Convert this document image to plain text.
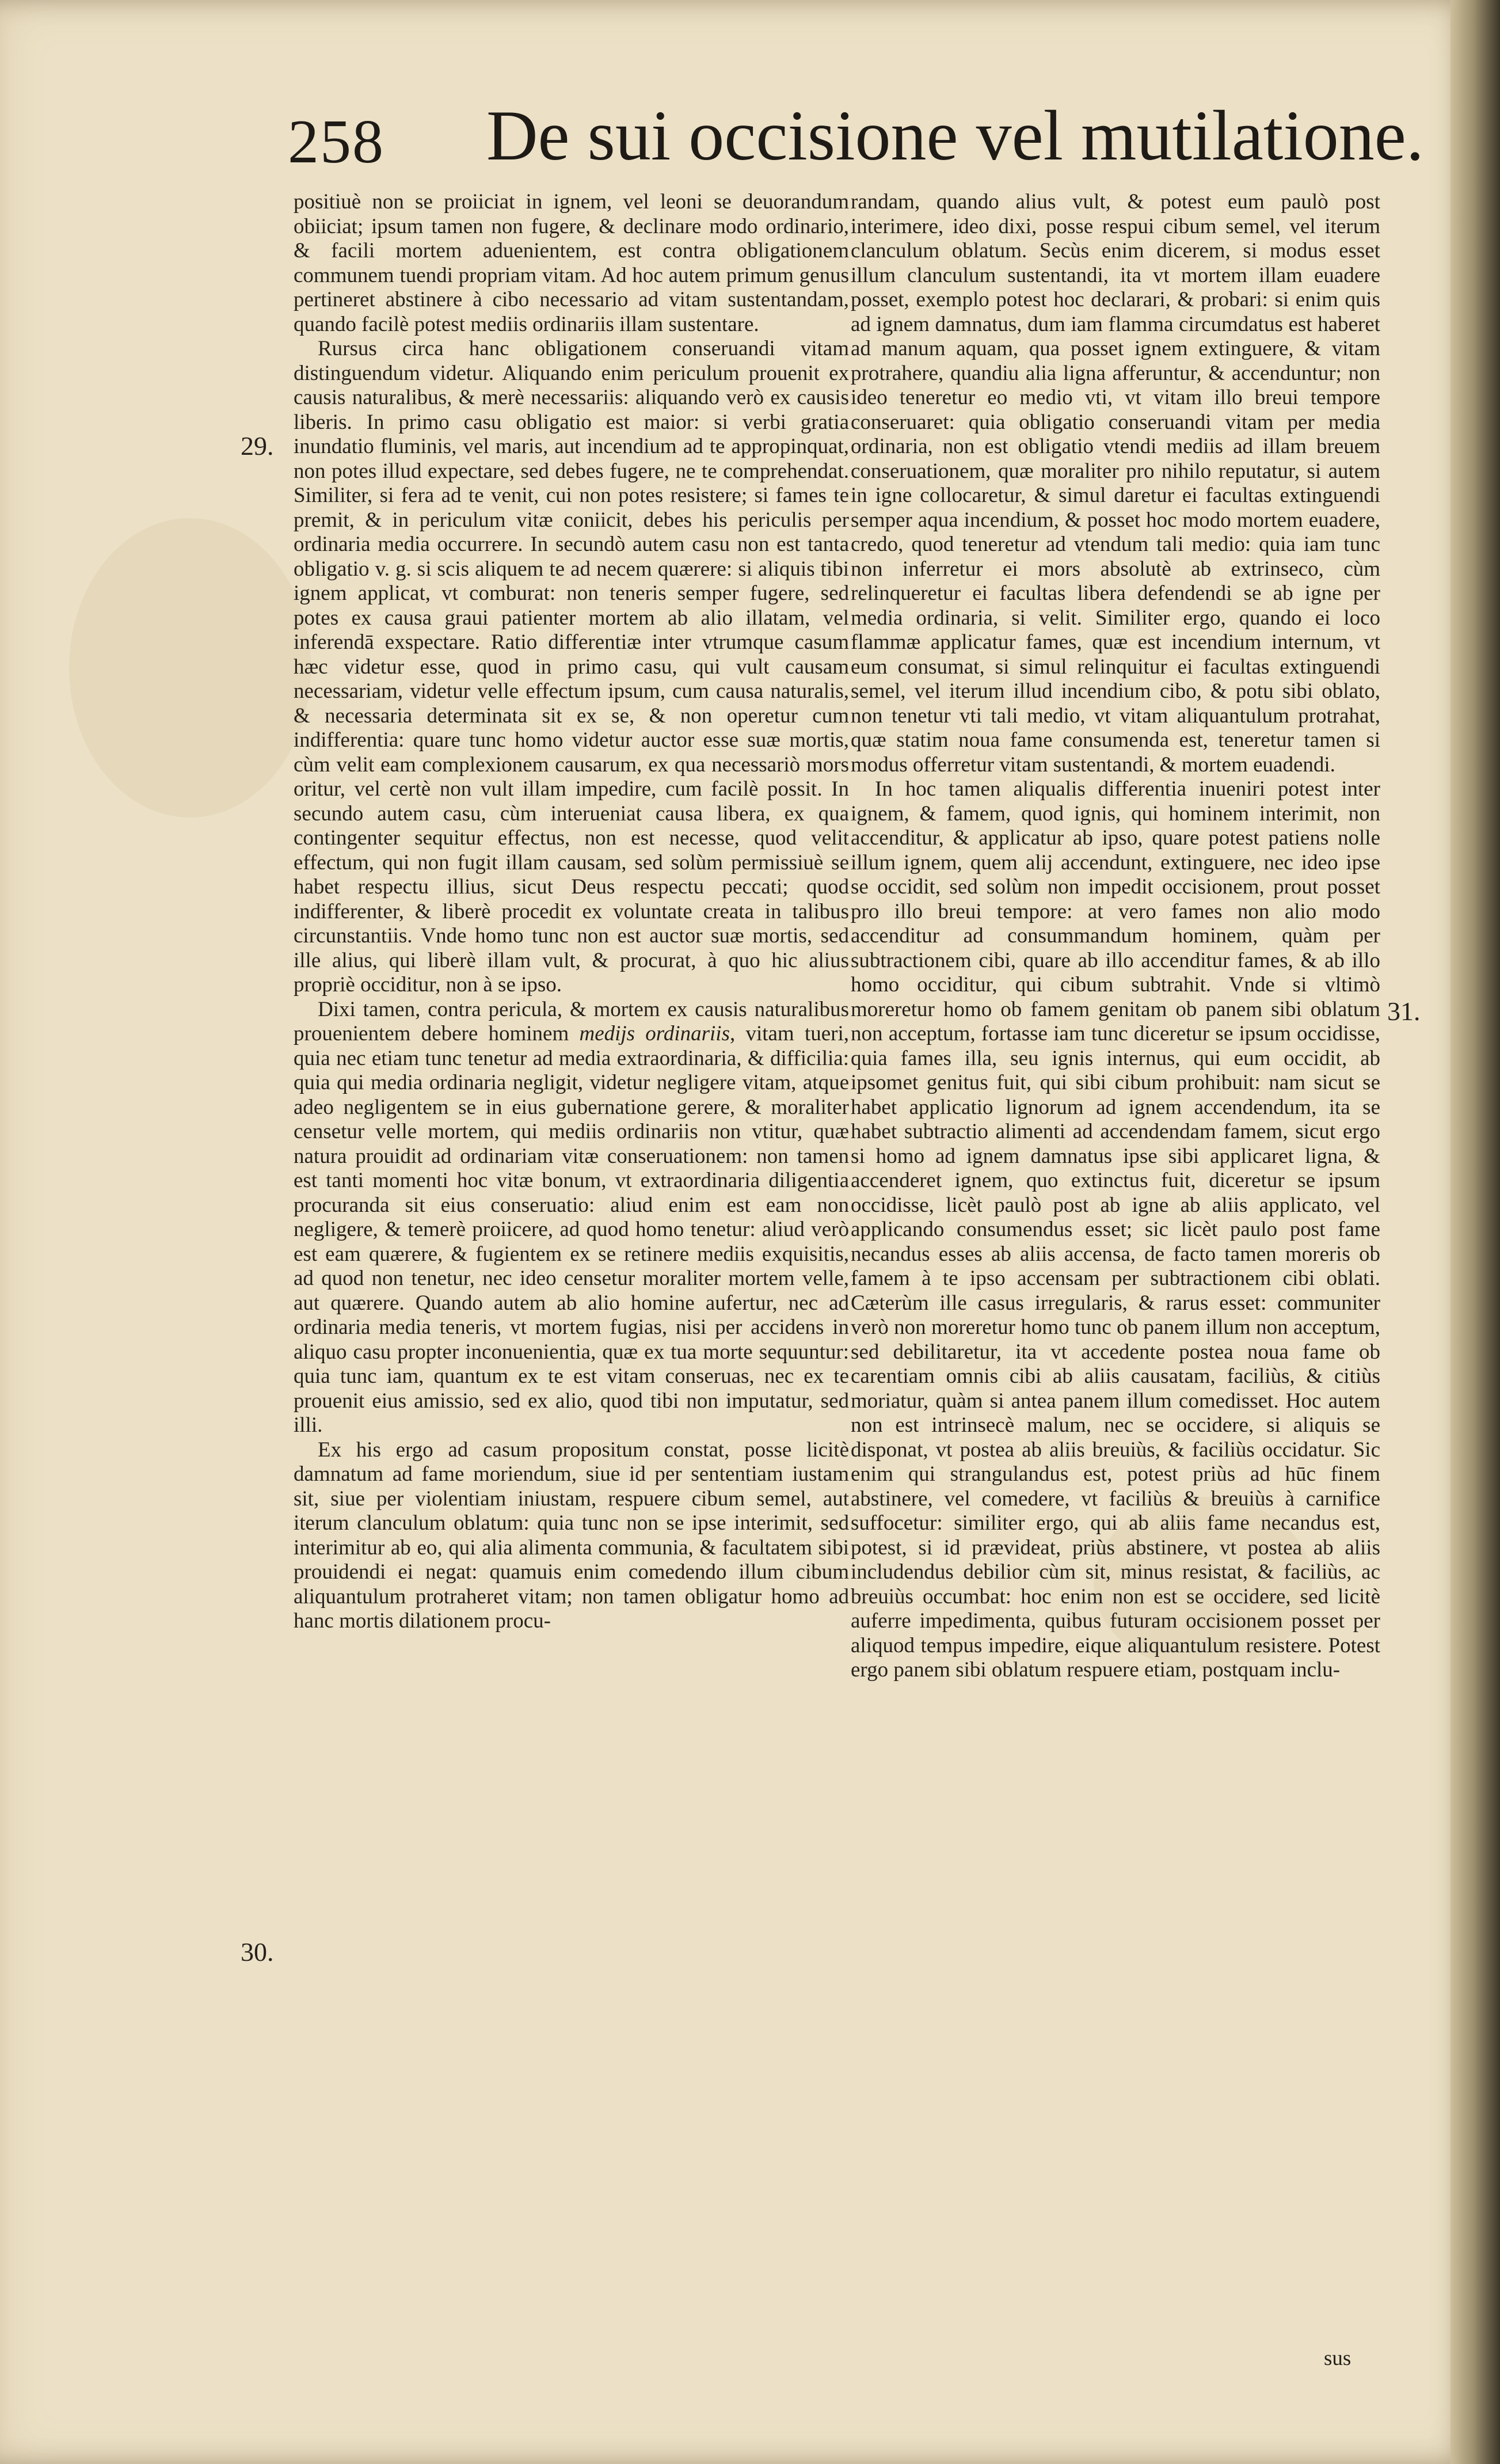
258 De sui occisione vel mutilatione.
29.
30.
31.

positiuè non se proiiciat in ignem, vel leoni se deuorandum obiiciat; ipsum tamen non fugere, & declinare modo ordinario, & facili mortem aduenientem, est contra obligationem communem tuendi propriam vitam. Ad hoc autem primum genus pertineret abstinere à cibo necessario ad vitam sustentandam, quando facilè potest mediis ordinariis illam sustentare.

Rursus circa hanc obligationem conseruandi vitam distinguendum videtur. Aliquando enim periculum prouenit ex causis naturalibus, & merè necessariis: aliquando verò ex causis liberis. In primo casu obligatio est maior: si verbi gratia inundatio fluminis, vel maris, aut incendium ad te appropinquat, non potes illud expectare, sed debes fugere, ne te comprehendat. Similiter, si fera ad te venit, cui non potes resistere; si fames te premit, & in periculum vitæ coniicit, debes his periculis per ordinaria media occurrere. In secundò autem casu non est tanta obligatio v. g. si scis aliquem te ad necem quærere: si aliquis tibi ignem applicat, vt comburat: non teneris semper fugere, sed potes ex causa graui patienter mortem ab alio illatam, vel inferendā exspectare. Ratio differentiæ inter vtrumque casum hæc videtur esse, quod in primo casu, qui vult causam necessariam, videtur velle effectum ipsum, cum causa naturalis, & necessaria determinata sit ex se, & non operetur cum indifferentia: quare tunc homo videtur auctor esse suæ mortis, cùm velit eam complexionem causarum, ex qua necessariò mors oritur, vel certè non vult illam impedire, cum facilè possit. In secundo autem casu, cùm interueniat causa libera, ex qua contingenter sequitur effectus, non est necesse, quod velit effectum, qui non fugit illam causam, sed solùm permissiuè se habet respectu illius, sicut Deus respectu peccati; quod indifferenter, & liberè procedit ex voluntate creata in talibus circunstantiis. Vnde homo tunc non est auctor suæ mortis, sed ille alius, qui liberè illam vult, & procurat, à quo hic alius propriè occiditur, non à se ipso.

Dixi tamen, contra pericula, & mortem ex causis naturalibus prouenientem debere hominem medijs ordinariis, vitam tueri, quia nec etiam tunc tenetur ad media extraordinaria, & difficilia: quia qui media ordinaria negligit, videtur negligere vitam, atque adeo negligentem se in eius gubernatione gerere, & moraliter censetur velle mortem, qui mediis ordinariis non vtitur, quæ natura prouidit ad ordinariam vitæ conseruationem: non tamen est tanti momenti hoc vitæ bonum, vt extraordinaria diligentia procuranda sit eius conseruatio: aliud enim est eam non negligere, & temerè proiicere, ad quod homo tenetur: aliud verò est eam quærere, & fugientem ex se retinere mediis exquisitis, ad quod non tenetur, nec ideo censetur moraliter mortem velle, aut quærere. Quando autem ab alio homine aufertur, nec ad ordinaria media teneris, vt mortem fugias, nisi per accidens in aliquo casu propter inconuenientia, quæ ex tua morte sequuntur: quia tunc iam, quantum ex te est vitam conseruas, nec ex te prouenit eius amissio, sed ex alio, quod tibi non imputatur, sed illi.

Ex his ergo ad casum propositum constat, posse licitè damnatum ad fame moriendum, siue id per sententiam iustam sit, siue per violentiam iniustam, respuere cibum semel, aut iterum clanculum oblatum: quia tunc non se ipse interimit, sed interimitur ab eo, qui alia alimenta communia, & facultatem sibi prouidendi ei negat: quamuis enim comedendo illum cibum aliquantulum protraheret vitam; non tamen obligatur homo ad hanc mortis dilationem procu-

randam, quando alius vult, & potest eum paulò post interimere, ideo dixi, posse respui cibum semel, vel iterum clanculum oblatum. Secùs enim dicerem, si modus esset illum clanculum sustentandi, ita vt mortem illam euadere posset, exemplo potest hoc declarari, & probari: si enim quis ad ignem damnatus, dum iam flamma circumdatus est haberet ad manum aquam, qua posset ignem extinguere, & vitam protrahere, quandiu alia ligna afferuntur, & accenduntur; non ideo teneretur eo medio vti, vt vitam illo breui tempore conseruaret: quia obligatio conseruandi vitam per media ordinaria, non est obligatio vtendi mediis ad illam breuem conseruationem, quæ moraliter pro nihilo reputatur, si autem in igne collocaretur, & simul daretur ei facultas extinguendi semper aqua incendium, & posset hoc modo mortem euadere, credo, quod teneretur ad vtendum tali medio: quia iam tunc non inferretur ei mors absolutè ab extrinseco, cùm relinqueretur ei facultas libera defendendi se ab igne per media ordinaria, si velit. Similiter ergo, quando ei loco flammæ applicatur fames, quæ est incendium internum, vt eum consumat, si simul relinquitur ei facultas extinguendi semel, vel iterum illud incendium cibo, & potu sibi oblato, non tenetur vti tali medio, vt vitam aliquantulum protrahat, quæ statim noua fame consumenda est, teneretur tamen si modus offerretur vitam sustentandi, & mortem euadendi.

In hoc tamen aliqualis differentia inueniri potest inter ignem, & famem, quod ignis, qui hominem interimit, non accenditur, & applicatur ab ipso, quare potest patiens nolle illum ignem, quem alij accendunt, extinguere, nec ideo ipse se occidit, sed solùm non impedit occisionem, prout posset pro illo breui tempore: at vero fames non alio modo accenditur ad consummandum hominem, quàm per subtractionem cibi, quare ab illo accenditur fames, & ab illo homo occiditur, qui cibum subtrahit. Vnde si vltimò moreretur homo ob famem genitam ob panem sibi oblatum non acceptum, fortasse iam tunc diceretur se ipsum occidisse, quia fames illa, seu ignis internus, qui eum occidit, ab ipsomet genitus fuit, qui sibi cibum prohibuit: nam sicut se habet applicatio lignorum ad ignem accendendum, ita se habet subtractio alimenti ad accendendam famem, sicut ergo si homo ad ignem damnatus ipse sibi applicaret ligna, & accenderet ignem, quo extinctus fuit, diceretur se ipsum occidisse, licèt paulò post ab igne ab aliis applicato, vel applicando consumendus esset; sic licèt paulo post fame necandus esses ab aliis accensa, de facto tamen moreris ob famem à te ipso accensam per subtractionem cibi oblati. Cæterùm ille casus irregularis, & rarus esset: communiter verò non moreretur homo tunc ob panem illum non acceptum, sed debilitaretur, ita vt accedente postea noua fame ob carentiam omnis cibi ab aliis causatam, faciliùs, & citiùs moriatur, quàm si antea panem illum comedisset. Hoc autem non est intrinsecè malum, nec se occidere, si aliquis se disponat, vt postea ab aliis breuiùs, & faciliùs occidatur. Sic enim qui strangulandus est, potest priùs ad hūc finem abstinere, vel comedere, vt faciliùs & breuiùs à carnifice suffocetur: similiter ergo, qui ab aliis fame necandus est, potest, si id prævideat, priùs abstinere, vt postea ab aliis includendus debilior cùm sit, minus resistat, & faciliùs, ac breuiùs occumbat: hoc enim non est se occidere, sed licitè auferre impedimenta, quibus futuram occisionem posset per aliquod tempus impedire, eique aliquantulum resistere. Potest ergo panem sibi oblatum respuere etiam, postquam inclu-

sus
